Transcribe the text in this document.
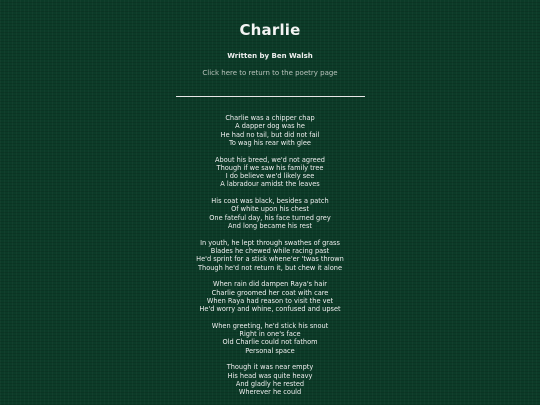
Charlie
Written by Ben Walsh
Click here to return to the poetry page
Charlie was a chipper chap
A dapper dog was he
He had no tail, but did not fail
To wag his rear with glee
About his breed, we'd not agreed
Though if we saw his family tree
I do believe we'd likely see
A labradour amidst the leaves
His coat was black, besides a patch
Of white upon his chest
One fateful day, his face turned grey
And long became his rest
In youth, he lept through swathes of grass
Blades he chewed while racing past
He'd sprint for a stick whene'er 'twas thrown
Though he'd not return it, but chew it alone
When rain did dampen Raya's hair
Charlie groomed her coat with care
When Raya had reason to visit the vet
He'd worry and whine, confused and upset
When greeting, he'd stick his snout
Right in one's face
Old Charlie could not fathom
Personal space
Though it was near empty
His head was quite heavy
And gladly he rested
Wherever he could
